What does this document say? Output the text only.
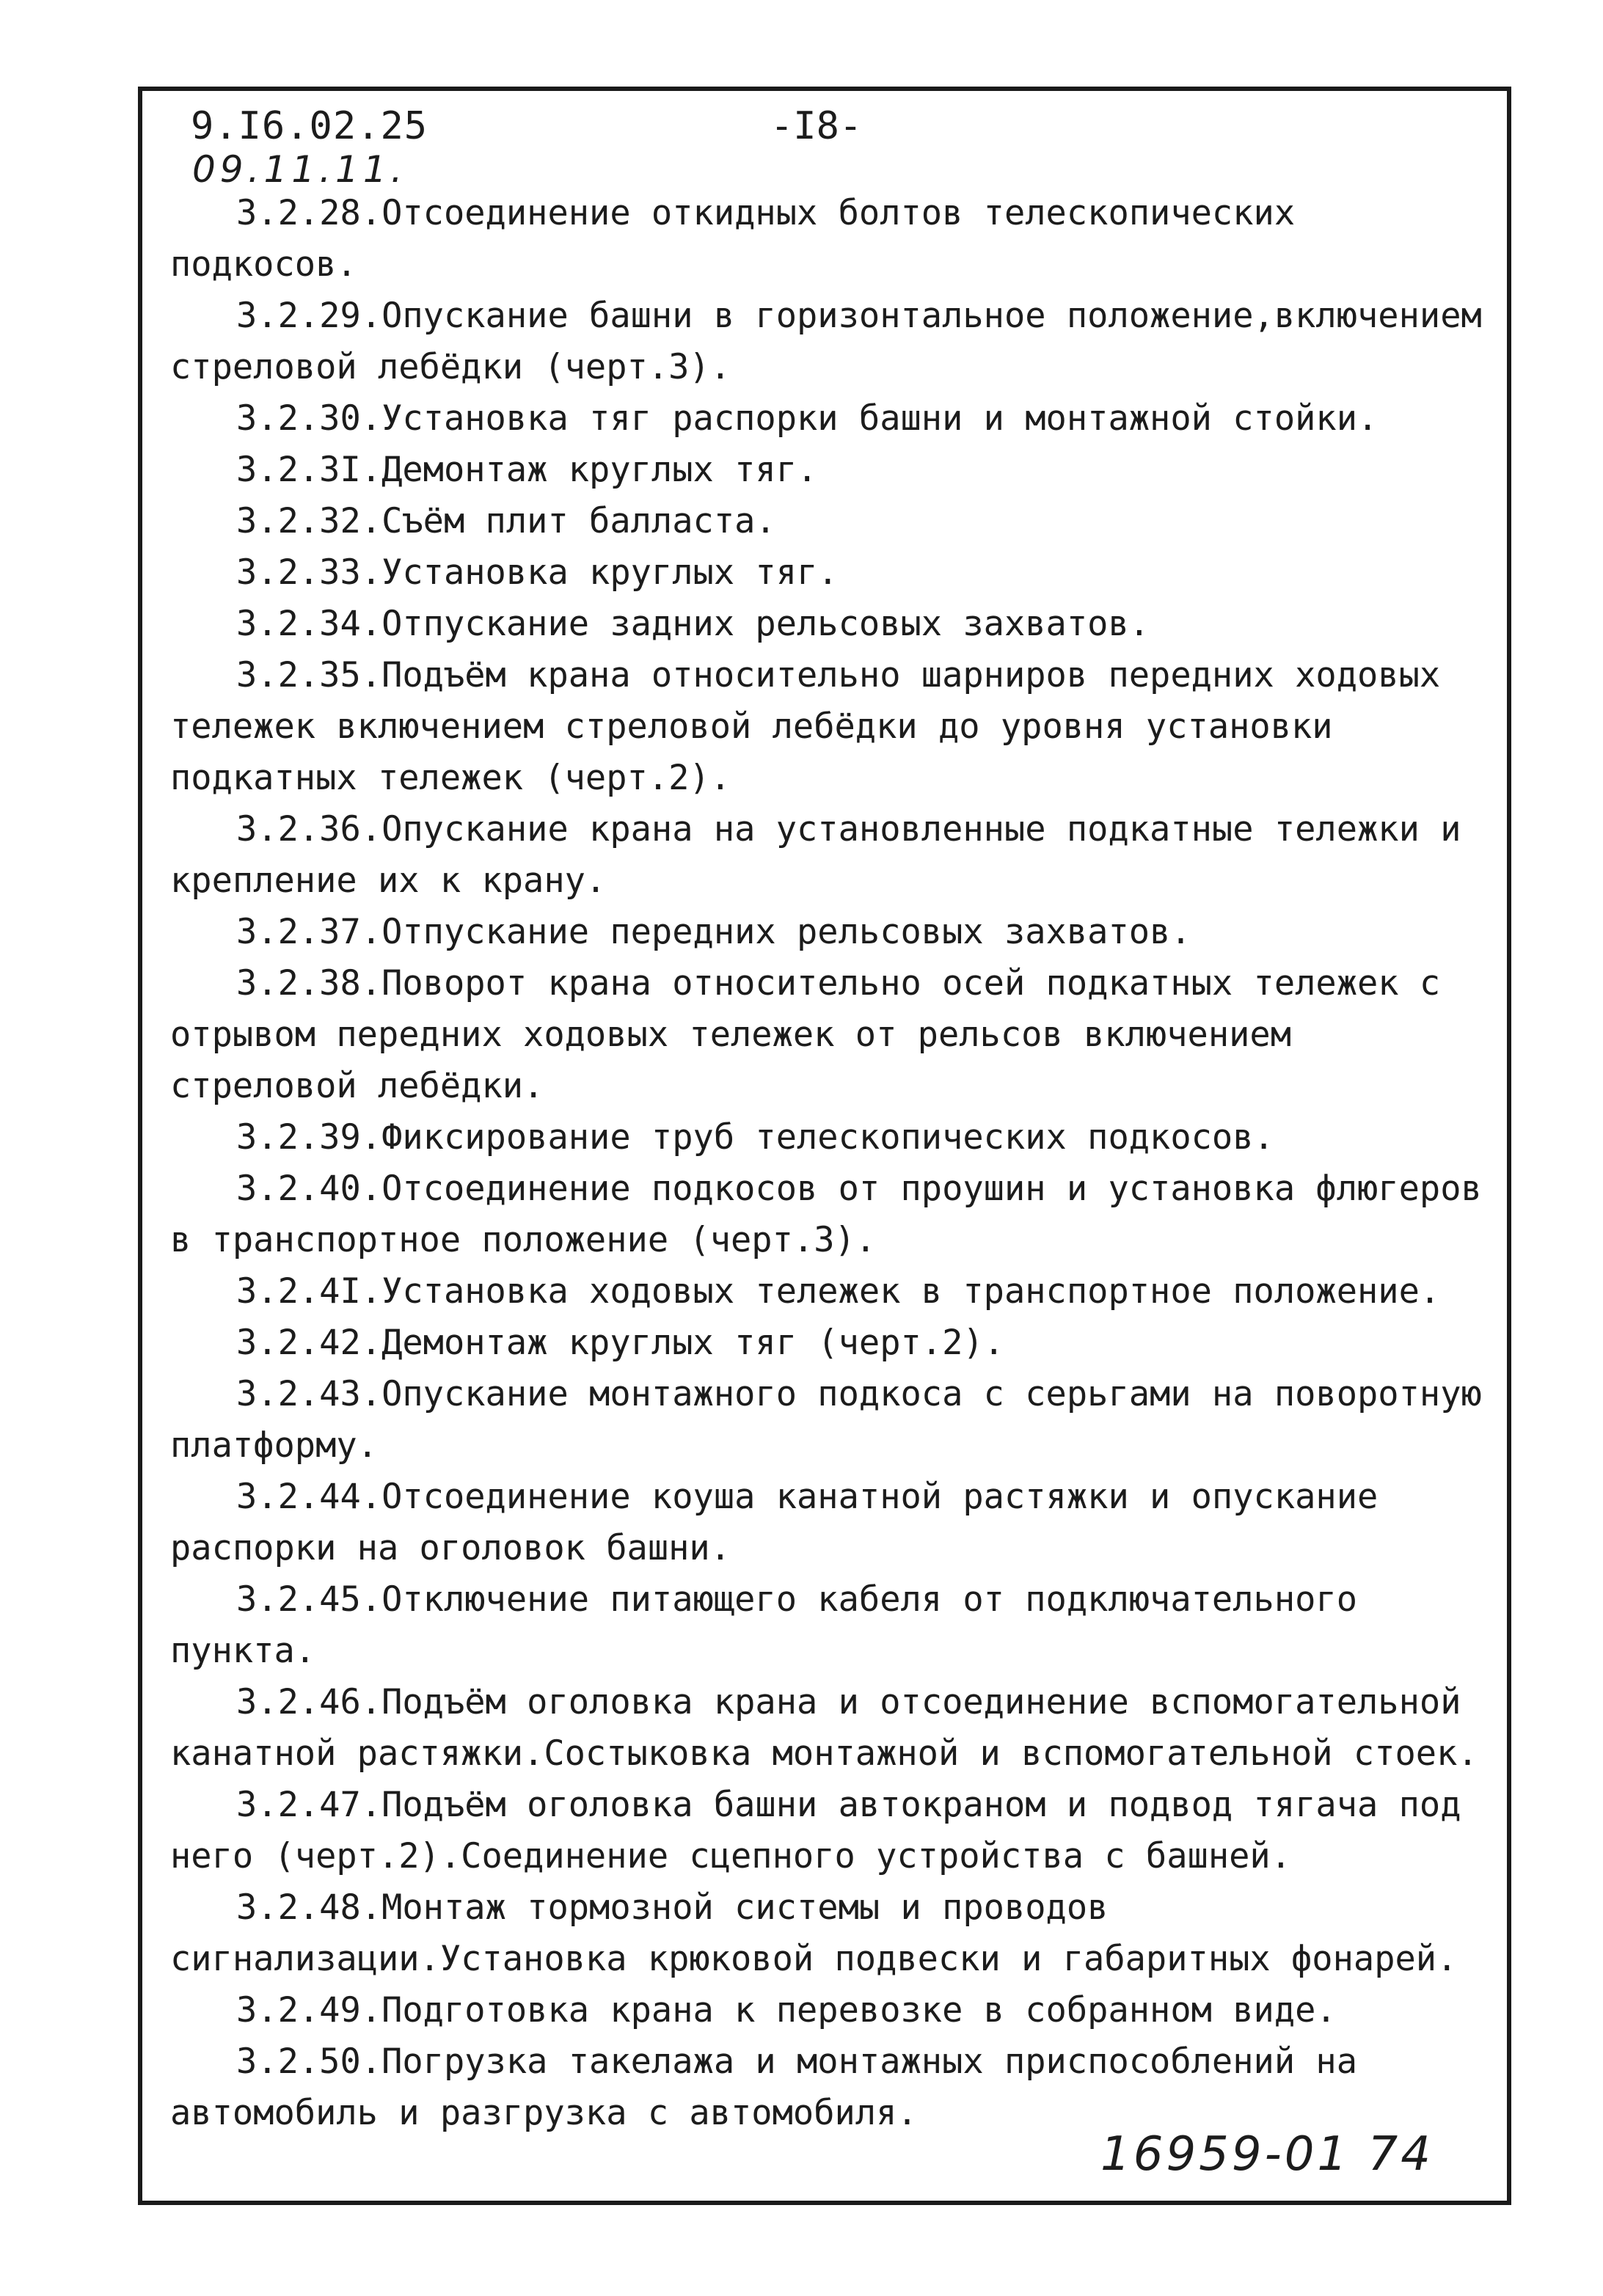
9.I6.02.25
09.11.11.
-I8-

3.2.28.Отсоединение откидных болтов телескопических подкосов.

3.2.29.Опускание башни в горизонтальное положение,включением стреловой лебёдки (черт.3).

3.2.30.Установка тяг распорки башни и монтажной стойки.

3.2.3I.Демонтаж круглых тяг.

3.2.32.Съём плит балласта.

3.2.33.Установка круглых тяг.

3.2.34.Отпускание задних рельсовых захватов.

3.2.35.Подъём крана относительно шарниров передних ходовых тележек включением стреловой лебёдки до уровня установки подкатных тележек (черт.2).

3.2.36.Опускание крана на установленные подкатные тележки и крепление их к крану.

3.2.37.Отпускание передних рельсовых захватов.

3.2.38.Поворот крана относительно осей подкатных тележек с отрывом передних ходовых тележек от рельсов включением стреловой лебёдки.

3.2.39.Фиксирование труб телескопических подкосов.

3.2.40.Отсоединение подкосов от проушин и установка флюгеров в транспортное положение (черт.3).

3.2.4I.Установка ходовых тележек в транспортное положение.

3.2.42.Демонтаж круглых тяг (черт.2).

3.2.43.Опускание монтажного подкоса с серьгами на поворотную платформу.

3.2.44.Отсоединение коуша канатной растяжки и опускание распорки на оголовок башни.

3.2.45.Отключение питающего кабеля от подключательного пункта.

3.2.46.Подъём оголовка крана и отсоединение вспомогательной канатной растяжки.Состыковка монтажной и вспомогательной стоек.

3.2.47.Подъём оголовка башни автокраном и подвод тягача под него (черт.2).Соединение сцепного устройства с башней.

3.2.48.Монтаж тормозной системы и проводов сигнализации.Установка крюковой подвески и габаритных фонарей.

3.2.49.Подготовка крана к перевозке в собранном виде.

3.2.50.Погрузка такелажа и монтажных приспособлений на автомобиль и разгрузка с автомобиля.

16959-01 74
